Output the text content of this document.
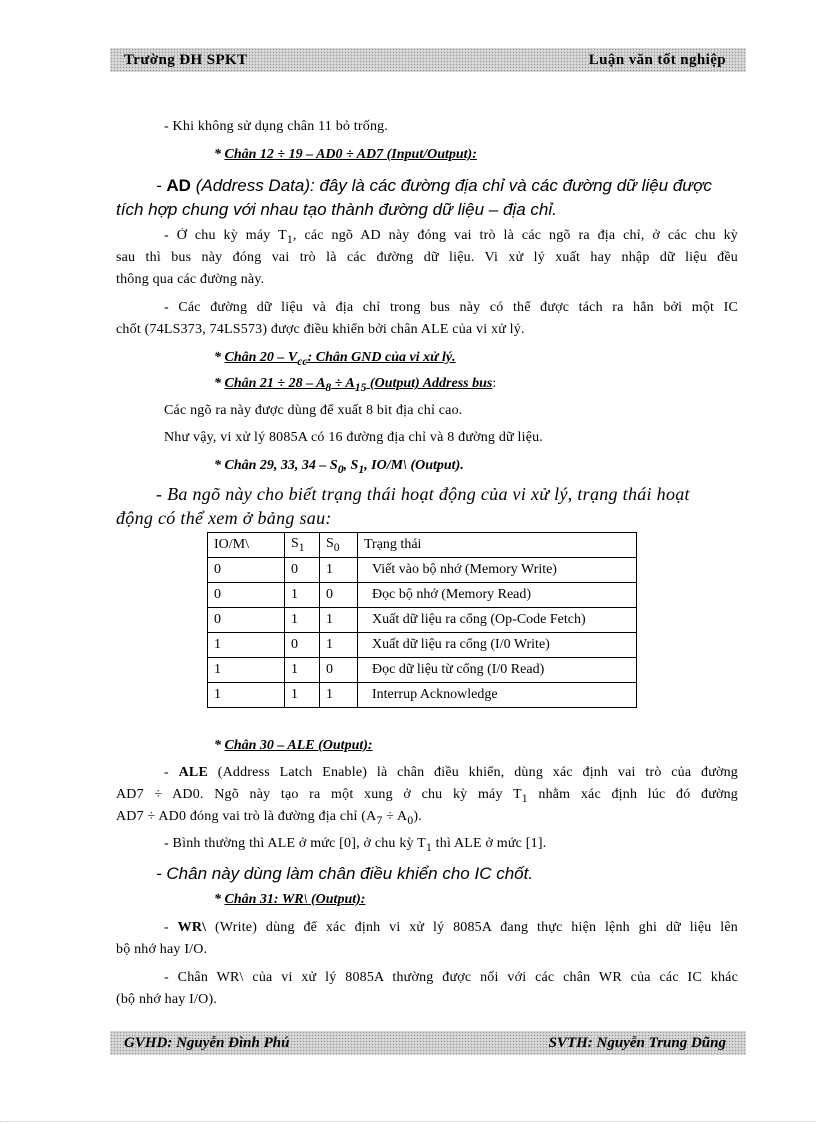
Trường ĐH SPKT	Luận văn tốt nghiệp
- Khi không sử dụng chân 11 bỏ trống.
* Chân 12 ÷ 19 – AD0 ÷ AD7 (Input/Output):
- AD (Address Data): đây là các đường địa chỉ và các đường dữ liệu được
tích hợp chung với nhau tạo thành đường dữ liệu – địa chỉ.
- Ở chu kỳ máy $T_1$, các ngõ AD này đóng vai trò là các ngõ ra địa chỉ, ở các chu kỳ
sau thì bus này đóng vai trò là các đường dữ liệu. Vi xử lý xuất hay nhập dữ liệu đều
thông qua các đường này.
- Các đường dữ liệu và địa chỉ trong bus này có thể được tách ra hẳn bởi một IC
chốt (74LS373, 74LS573) được điều khiển bởi chân ALE của vi xử lý.
* Chân $20 - V_{cc}$: Chân GND của vi xử lý.
* Chân $21 \div 28 - A_8 \div A_{15}$ (Output) Address bus:
Các ngõ ra này được dùng để xuất 8 bit địa chỉ cao.
Như vậy, vi xử lý 8085A có 16 đường địa chỉ và 8 đường dữ liệu.
* Chân 29, 33, $34 - S_0$, $S_1$, IO/M\ (Output).
- Ba ngõ này cho biết trạng thái hoạt động của vi xử lý, trạng thái hoạt
động có thể xem ở bảng sau:
IO/M\	$S_1$	$S_0$	Trạng thái
0	0	1	Viết vào bộ nhớ (Memory Write)
0	1	0	Đọc bộ nhớ (Memory Read)
0	1	1	Xuất dữ liệu ra cổng (Op-Code Fetch)
1	0	1	Xuất dữ liệu ra cổng (I/0 Write)
1	1	0	Đọc dữ liệu từ cổng (I/0 Read)
1	1	1	Interrup Acknowledge
* Chân 30 – ALE (Output):
- ALE (Address Latch Enable) là chân điều khiển, dùng xác định vai trò của đường
AD7 ÷ AD0. Ngõ này tạo ra một xung ở chu kỳ máy $T_1$ nhằm xác định lúc đó đường
AD7 ÷ AD0 đóng vai trò là đường địa chỉ $(A_7 \div A_0)$.
- Bình thường thì ALE ở mức [0], ở chu kỳ $T_1$ thì ALE ở mức [1].
- Chân này dùng làm chân điều khiển cho IC chốt.
* Chân 31: WR\ (Output):
- WR\ (Write) dùng để xác định vi xử lý 8085A đang thực hiện lệnh ghi dữ liệu lên
bộ nhớ hay I/O.
- Chân WR\ của vi xử lý 8085A thường được nối với các chân WR của các IC khác
(bộ nhớ hay I/O).
GVHD: Nguyễn Đình Phú	SVTH: Nguyễn Trung Dũng
